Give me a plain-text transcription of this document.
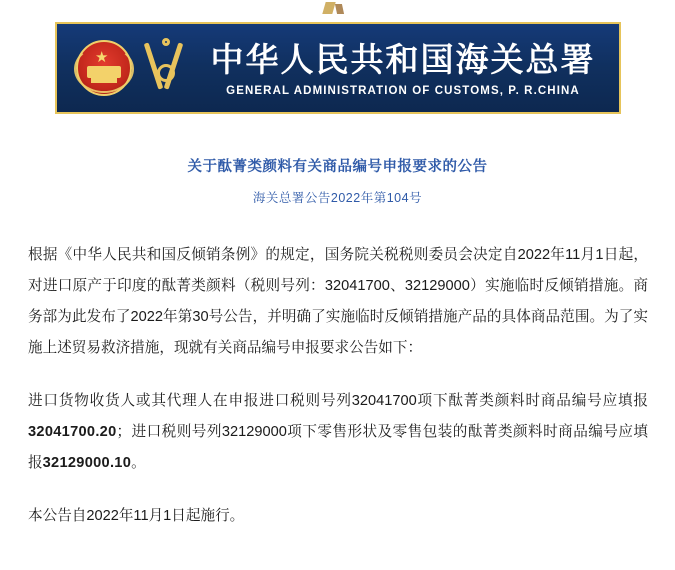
★	中华人民共和国海关总署
GENERAL ADMINISTRATION OF CUSTOMS, P. R.CHINA
关于酞菁类颜料有关商品编号申报要求的公告
海关总署公告2022年第104号

根据《中华人民共和国反倾销条例》的规定，国务院关税税则委员会决定自2022年11月1日起，对进口原产于印度的酞菁类颜料（税则号列：32041700、32129000）实施临时反倾销措施。商务部为此发布了2022年第30号公告，并明确了实施临时反倾销措施产品的具体商品范围。为了实施上述贸易救济措施，现就有关商品编号申报要求公告如下：

进口货物收货人或其代理人在申报进口税则号列32041700项下酞菁类颜料时商品编号应填报32041700.20；进口税则号列32129000项下零售形状及零售包装的酞菁类颜料时商品编号应填报32129000.10。

本公告自2022年11月1日起施行。
